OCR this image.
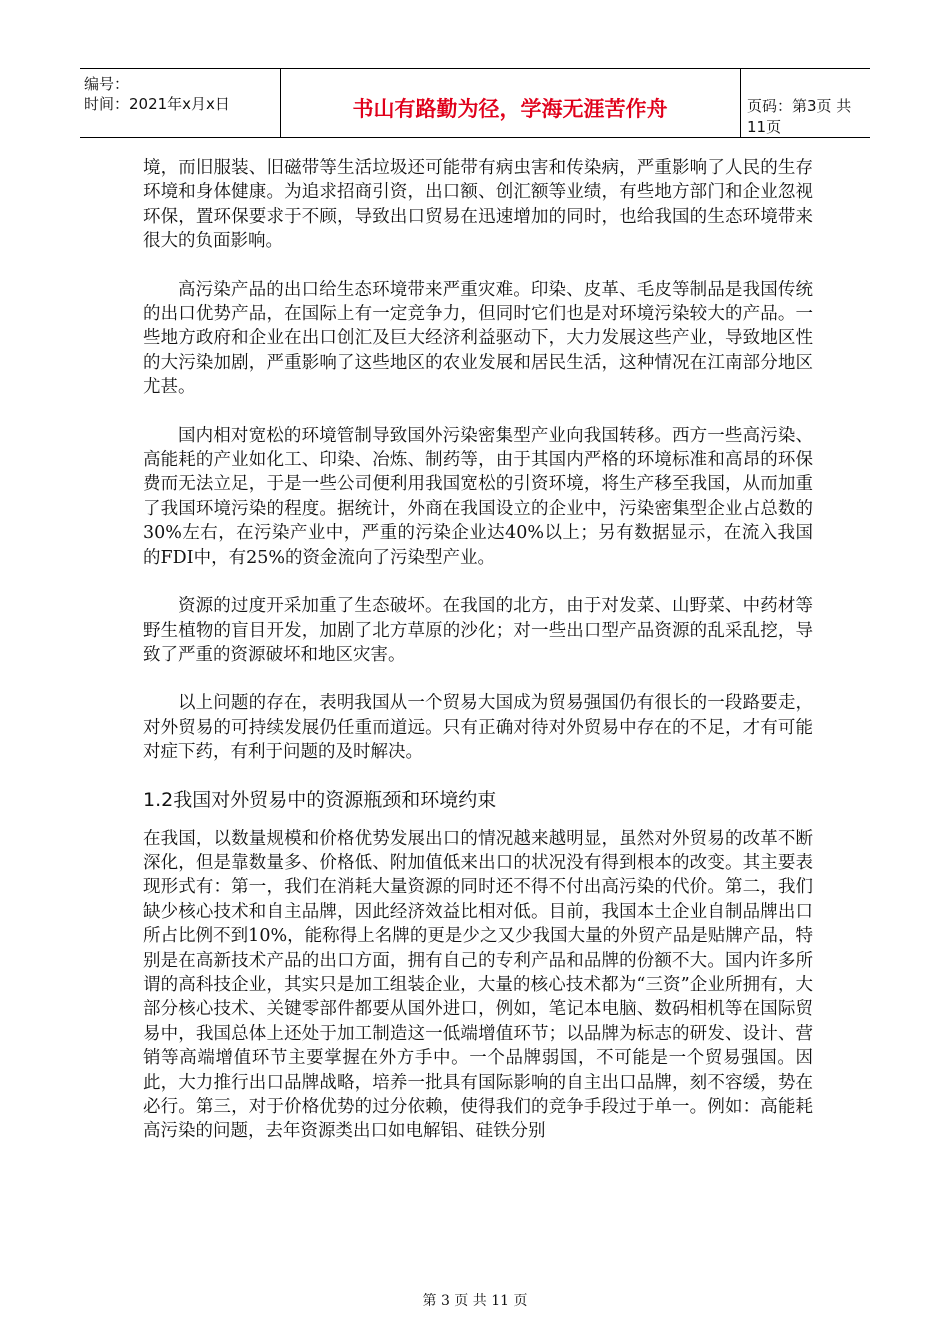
编号：
时间：2021年x月x日	书山有路勤为径，学海无涯苦作舟	页码：第3页 共11页

境，而旧服装、旧磁带等生活垃圾还可能带有病虫害和传染病，严重影响了人民的生存环境和身体健康。为追求招商引资，出口额、创汇额等业绩，有些地方部门和企业忽视环保，置环保要求于不顾，导致出口贸易在迅速增加的同时，也给我国的生态环境带来很大的负面影响。

高污染产品的出口给生态环境带来严重灾难。印染、皮革、毛皮等制品是我国传统的出口优势产品，在国际上有一定竞争力，但同时它们也是对环境污染较大的产品。一些地方政府和企业在出口创汇及巨大经济利益驱动下，大力发展这些产业，导致地区性的大污染加剧，严重影响了这些地区的农业发展和居民生活，这种情况在江南部分地区尤甚。

国内相对宽松的环境管制导致国外污染密集型产业向我国转移。西方一些高污染、高能耗的产业如化工、印染、冶炼、制药等，由于其国内严格的环境标准和高昂的环保费而无法立足，于是一些公司便利用我国宽松的引资环境，将生产移至我国，从而加重了我国环境污染的程度。据统计，外商在我国设立的企业中，污染密集型企业占总数的30%左右，在污染产业中，严重的污染企业达40%以上；另有数据显示，在流入我国的FDI中，有25%的资金流向了污染型产业。

资源的过度开采加重了生态破坏。在我国的北方，由于对发菜、山野菜、中药材等野生植物的盲目开发，加剧了北方草原的沙化；对一些出口型产品资源的乱采乱挖，导致了严重的资源破坏和地区灾害。

以上问题的存在，表明我国从一个贸易大国成为贸易强国仍有很长的一段路要走，对外贸易的可持续发展仍任重而道远。只有正确对待对外贸易中存在的不足，才有可能对症下药，有利于问题的及时解决。

1.2我国对外贸易中的资源瓶颈和环境约束

在我国，以数量规模和价格优势发展出口的情况越来越明显，虽然对外贸易的改革不断深化，但是靠数量多、价格低、附加值低来出口的状况没有得到根本的改变。其主要表现形式有：第一，我们在消耗大量资源的同时还不得不付出高污染的代价。第二，我们缺少核心技术和自主品牌，因此经济效益比相对低。目前，我国本土企业自制品牌出口所占比例不到10%，能称得上名牌的更是少之又少我国大量的外贸产品是贴牌产品，特别是在高新技术产品的出口方面，拥有自己的专利产品和品牌的份额不大。国内许多所谓的高科技企业，其实只是加工组装企业，大量的核心技术都为“三资”企业所拥有，大部分核心技术、关键零部件都要从国外进口，例如，笔记本电脑、数码相机等在国际贸易中，我国总体上还处于加工制造这一低端增值环节；以品牌为标志的研发、设计、营销等高端增值环节主要掌握在外方手中。一个品牌弱国，不可能是一个贸易强国。因此，大力推行出口品牌战略，培养一批具有国际影响的自主出口品牌，刻不容缓，势在必行。第三，对于价格优势的过分依赖，使得我们的竞争手段过于单一。例如：高能耗高污染的问题，去年资源类出口如电解铝、硅铁分别

第 3 页 共 11 页
